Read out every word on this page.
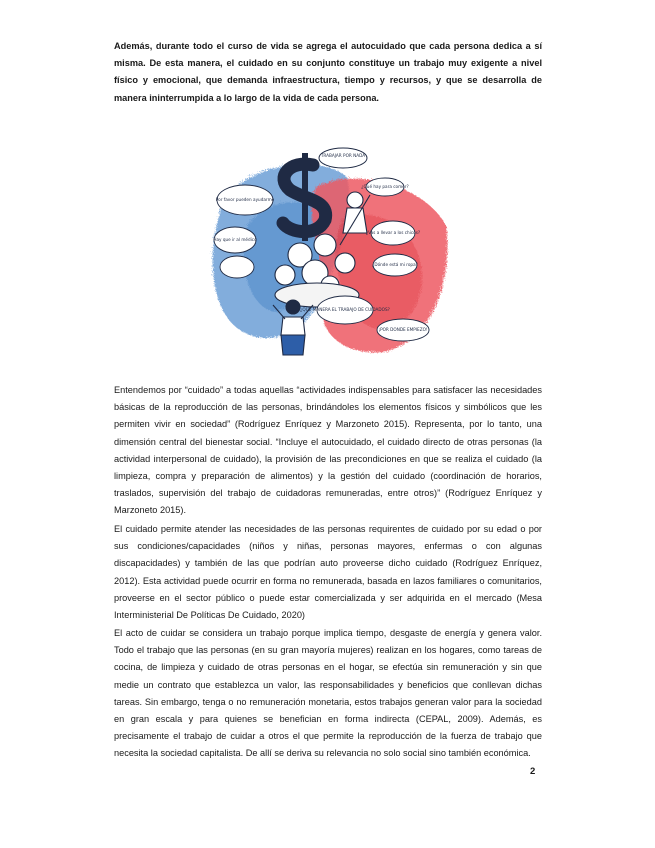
Además, durante todo el curso de vida se agrega el autocuidado que cada persona dedica a sí misma. De esta manera, el cuidado en su conjunto constituye un trabajo muy exigente a nivel físico y emocional, que demanda infraestructura, tiempo y recursos, y que se desarrolla de manera ininterrumpida a lo largo de la vida de cada persona.

TRABAJAR POR NADA
¿Qué hay para comer?
Por favor pueden ayudarme
¿Vas a llevar a los chicos?
Hay que ir al médico
¿Dónde está mi ropa?
¿QUÉ MANERA EL TRABAJO DE CUIDADOS?
¡POR DONDE EMPIEZO!

Entendemos por “cuidado” a todas aquellas “actividades indispensables para satisfacer las necesidades básicas de la reproducción de las personas, brindándoles los elementos físicos y simbólicos que les permiten vivir en sociedad” (Rodríguez Enríquez y Marzoneto 2015). Representa, por lo tanto, una dimensión central del bienestar social. “Incluye el autocuidado, el cuidado directo de otras personas (la actividad interpersonal de cuidado), la provisión de las precondiciones en que se realiza el cuidado (la limpieza, compra y preparación de alimentos) y la gestión del cuidado (coordinación de horarios, traslados, supervisión del trabajo de cuidadoras remuneradas, entre otros)” (Rodríguez Enríquez y Marzoneto 2015).

El cuidado permite atender las necesidades de las personas requirentes de cuidado por su edad o por sus condiciones/capacidades (niños y niñas, personas mayores, enfermas o con algunas discapacidades) y también de las que podrían auto proveerse dicho cuidado (Rodríguez Enríquez, 2012). Esta actividad puede ocurrir en forma no remunerada, basada en lazos familiares o comunitarios, proveerse en el sector público o puede estar comercializada y ser adquirida en el mercado (Mesa Interministerial De Políticas De Cuidado, 2020)

El acto de cuidar se considera un trabajo porque implica tiempo, desgaste de energía y genera valor. Todo el trabajo que las personas (en su gran mayoría mujeres) realizan en los hogares, como tareas de cocina, de limpieza y cuidado de otras personas en el hogar, se efectúa sin remuneración y sin que medie un contrato que establezca un valor, las responsabilidades y beneficios que conllevan dichas tareas. Sin embargo, tenga o no remuneración monetaria, estos trabajos generan valor para la sociedad en gran escala y para quienes se benefician en forma indirecta (CEPAL, 2009). Además, es precisamente el trabajo de cuidar a otros el que permite la reproducción de la fuerza de trabajo que necesita la sociedad capitalista. De allí se deriva su relevancia no solo social sino también económica.

2
